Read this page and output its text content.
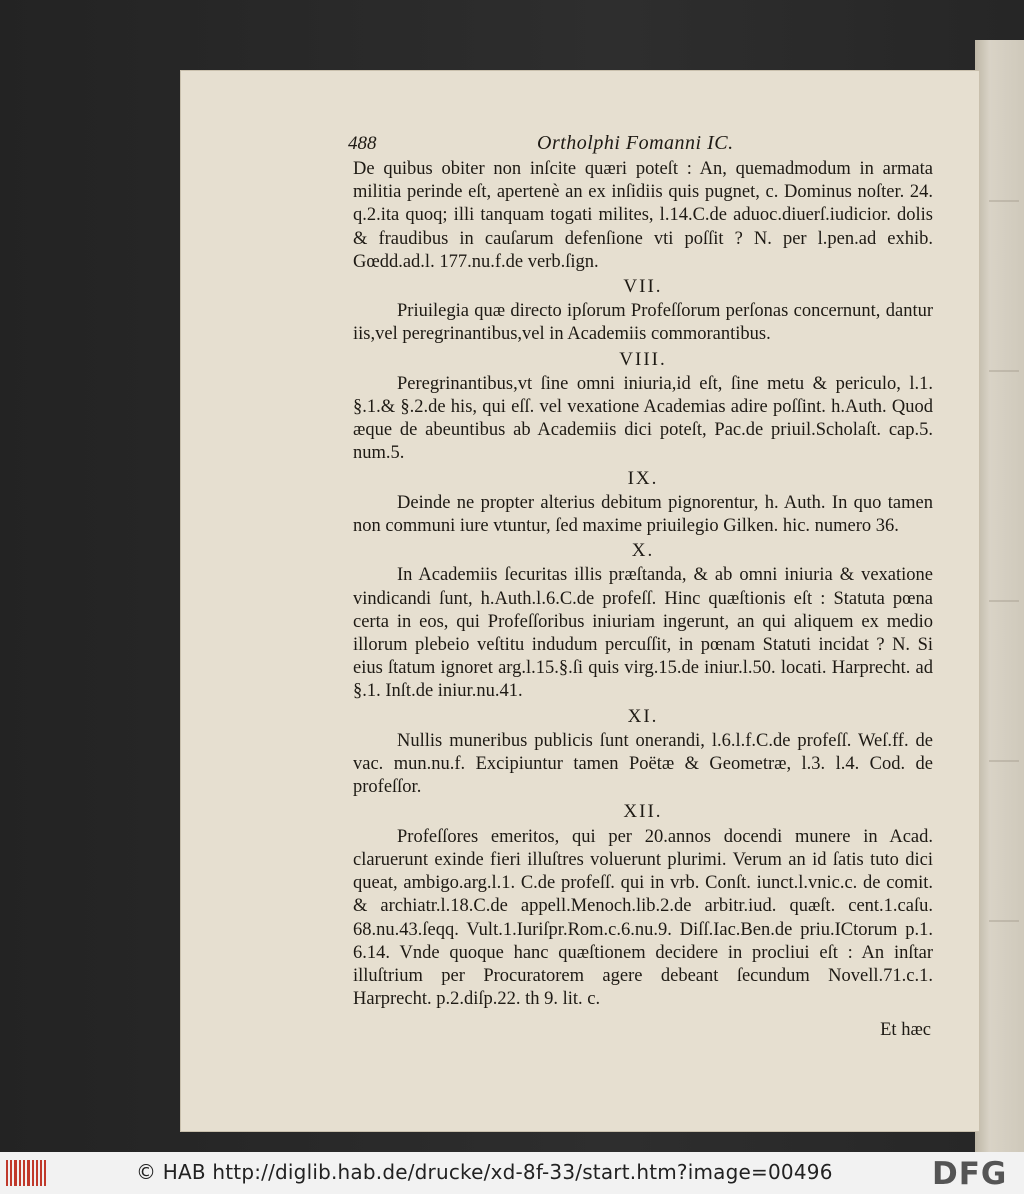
488	Ortholphi Fomanni IC.
De quibus obiter non inſcite quæri poteſt : An, quemadmodum in armata militia perinde eſt, apertenè an ex inſidiis quis pugnet, c. Dominus noſter. 24. q.2.ita quoq; illi tanquam togati milites, l.14.C.de aduoc.diuerſ.iudicior. dolis & fraudibus in cauſarum defenſione vti poſſit ? N. per l.pen.ad exhib. Gœdd.ad.l. 177.nu.f.de verb.ſign.
VII.
Priuilegia quæ directo ipſorum Profeſſorum perſonas concernunt, dantur iis,vel peregrinantibus,vel in Academiis commorantibus.
VIII.
Peregrinantibus,vt ſine omni iniuria,id eſt, ſine metu & periculo, l.1. §.1.& §.2.de his, qui eſſ. vel vexatione Academias adire poſſint. h.Auth. Quod æque de abeuntibus ab Academiis dici poteſt, Pac.de priuil.Scholaſt. cap.5. num.5.
IX.
Deinde ne propter alterius debitum pignorentur, h. Auth. In quo tamen non communi iure vtuntur, ſed maxime priuilegio Gilken. hic. numero 36.
X.
In Academiis ſecuritas illis præſtanda, & ab omni iniuria & vexatione vindicandi ſunt, h.Auth.l.6.C.de profeſſ. Hinc quæſtionis eſt : Statuta pœna certa in eos, qui Profeſſoribus iniuriam ingerunt, an qui aliquem ex medio illorum plebeio veſtitu indudum percuſſit, in pœnam Statuti incidat ? N. Si eius ſtatum ignoret arg.l.15.§.ſi quis virg.15.de iniur.l.50. locati. Harprecht. ad §.1. Inſt.de iniur.nu.41.
XI.
Nullis muneribus publicis ſunt onerandi, l.6.l.f.C.de profeſſ. Weſ.ff. de vac. mun.nu.f. Excipiuntur tamen Poëtæ & Geometræ, l.3. l.4. Cod. de profeſſor.
XII.
Profeſſores emeritos, qui per 20.annos docendi munere in Acad. claruerunt exinde fieri illuſtres voluerunt plurimi. Verum an id ſatis tuto dici queat, ambigo.arg.l.1. C.de profeſſ. qui in vrb. Conſt. iunct.l.vnic.c. de comit. & archiatr.l.18.C.de appell.Menoch.lib.2.de arbitr.iud. quæſt. cent.1.caſu. 68.nu.43.ſeqq. Vult.1.Iuriſpr.Rom.c.6.nu.9. Diſſ.Iac.Ben.de priu.ICtorum p.1. 6.14. Vnde quoque hanc quæſtionem decidere in procliui eſt : An inſtar illuſtrium per Procuratorem agere debeant ſecundum Novell.71.c.1. Harprecht. p.2.diſp.22. th 9. lit. c.
Et hæc
© HAB http://diglib.hab.de/drucke/xd-8f-33/start.htm?image=00496	DFG
